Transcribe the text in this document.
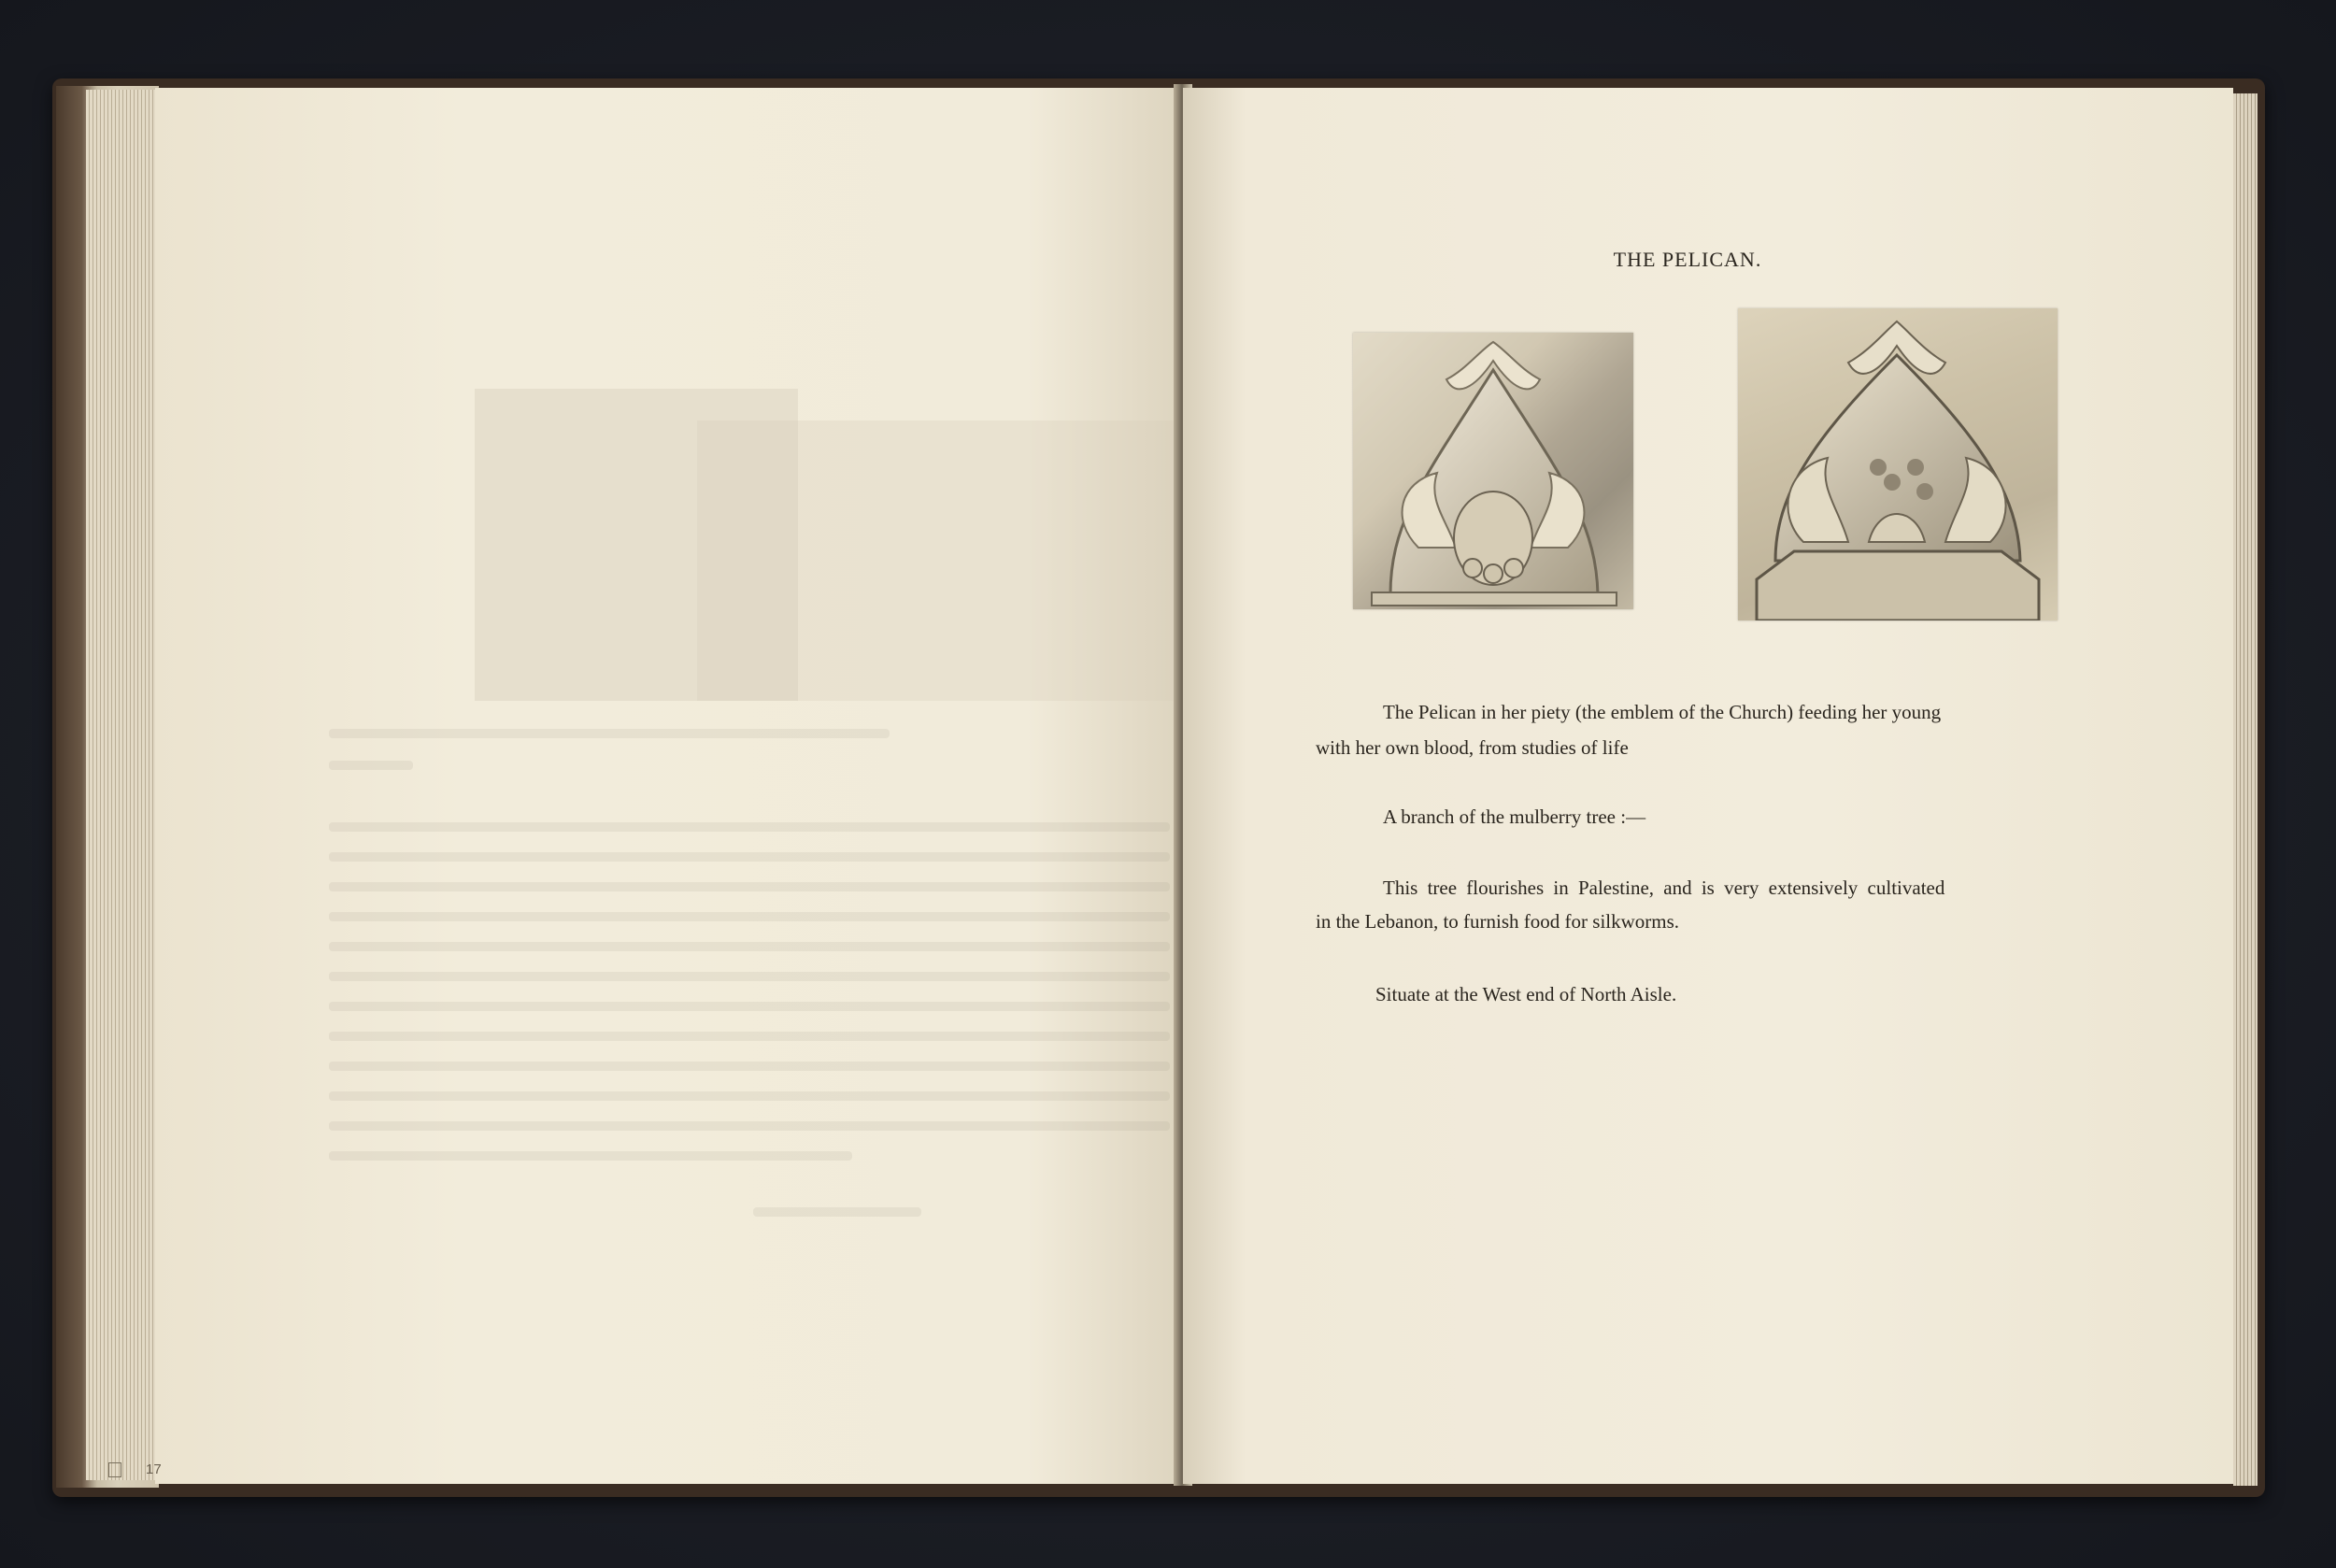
THE PELICAN.
The Pelican in her piety (the emblem of the Church) feeding her young
with her own blood, from studies of life
A branch of the mulberry tree :—
This tree flourishes in Palestine, and is very extensively cultivated
in the Lebanon, to furnish food for silkworms.
Situate at the West end of North Aisle.
17
